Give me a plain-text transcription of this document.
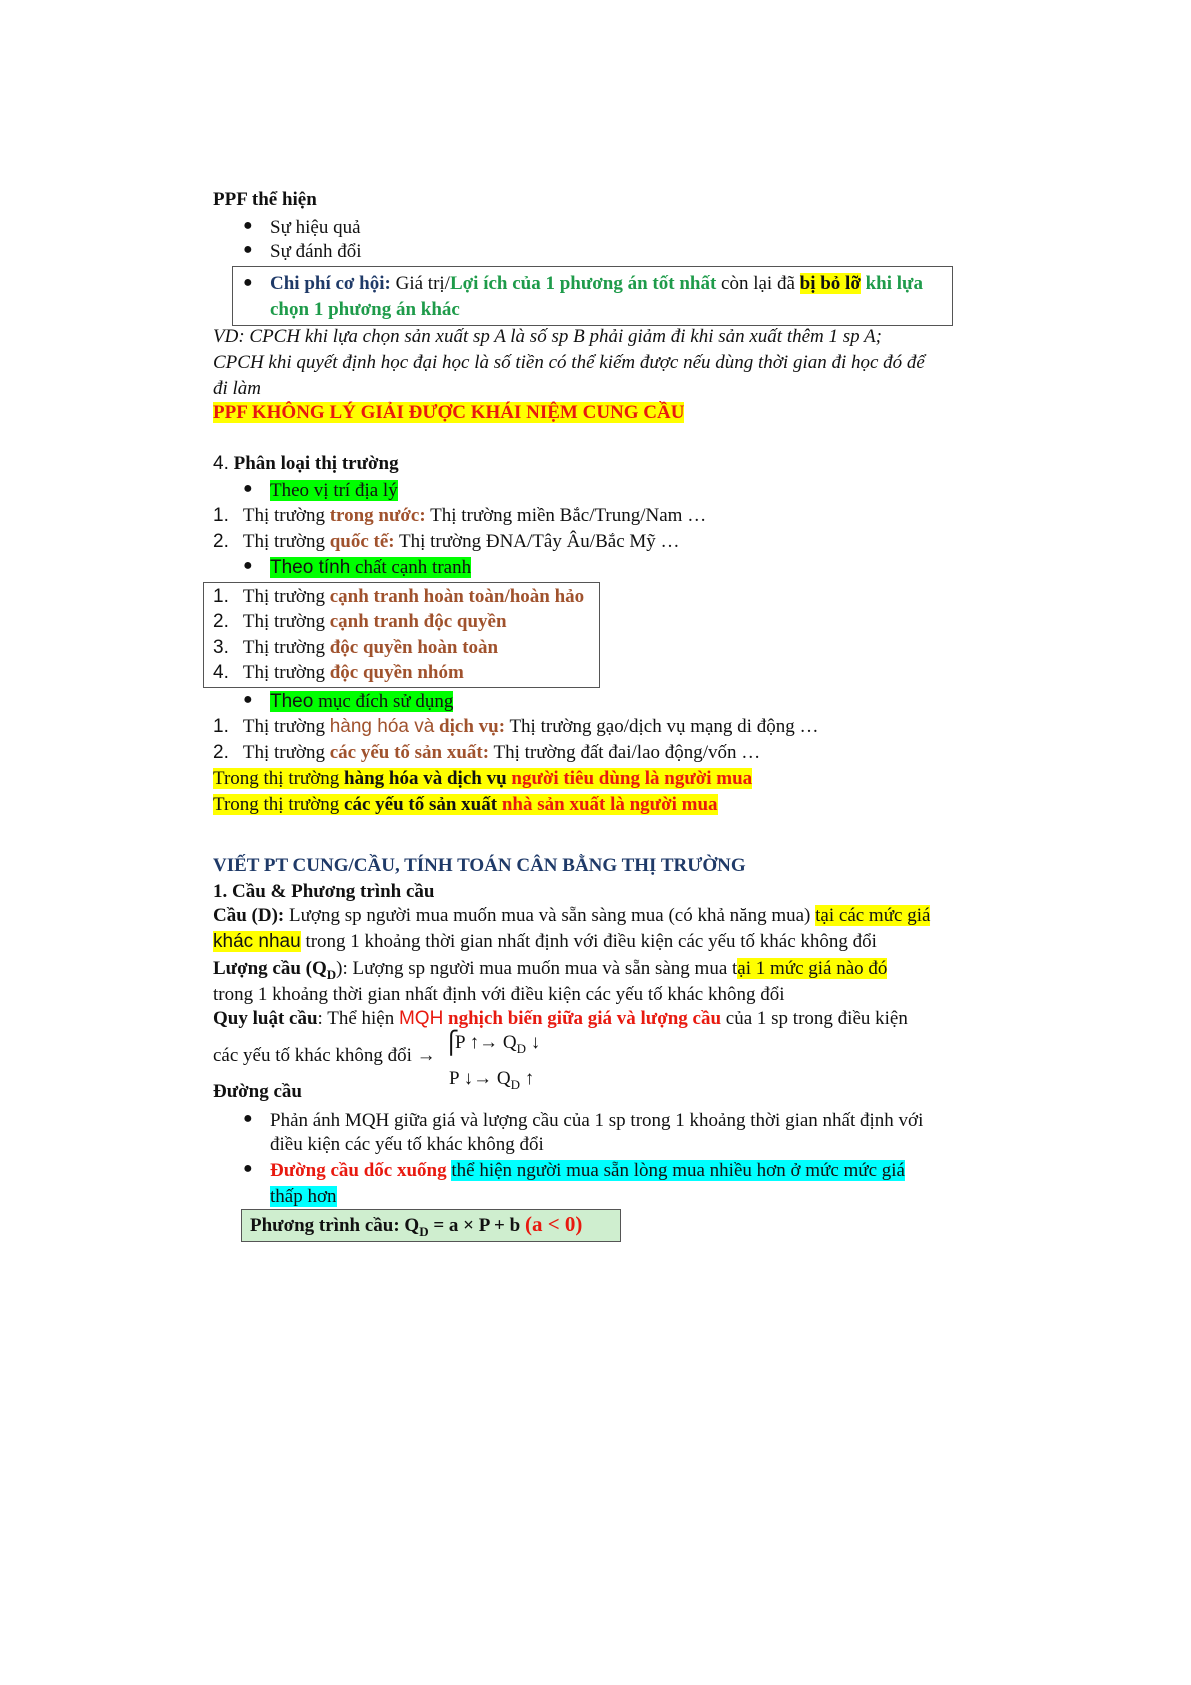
PPF thể hiện
● Sự hiệu quả
● Sự đánh đổi
● Chi phí cơ hội: Giá trị/Lợi ích của 1 phương án tốt nhất còn lại đã bị bỏ lỡ khi lựa
chọn 1 phương án khác
VD: CPCH khi lựa chọn sản xuất sp A là số sp B phải giảm đi khi sản xuất thêm 1 sp A;
CPCH khi quyết định học đại học là số tiền có thể kiếm được nếu dùng thời gian đi học đó để
đi làm
PPF KHÔNG LÝ GIẢI ĐƯỢC KHÁI NIỆM CUNG CẦU
4. Phân loại thị trường
● Theo vị trí địa lý
1. Thị trường trong nước: Thị trường miền Bắc/Trung/Nam …
2. Thị trường quốc tế: Thị trường ĐNA/Tây Âu/Bắc Mỹ …
● Theo tính chất cạnh tranh
1. Thị trường cạnh tranh hoàn toàn/hoàn hảo
2. Thị trường cạnh tranh độc quyền
3. Thị trường độc quyền hoàn toàn
4. Thị trường độc quyền nhóm
● Theo mục đích sử dụng
1. Thị trường hàng hóa và dịch vụ: Thị trường gạo/dịch vụ mạng di động …
2. Thị trường các yếu tố sản xuất: Thị trường đất đai/lao động/vốn …
Trong thị trường hàng hóa và dịch vụ người tiêu dùng là người mua
Trong thị trường các yếu tố sản xuất nhà sản xuất là người mua
VIẾT PT CUNG/CẦU, TÍNH TOÁN CÂN BẰNG THỊ TRƯỜNG
1. Cầu & Phương trình cầu
Cầu (D): Lượng sp người mua muốn mua và sẵn sàng mua (có khả năng mua) tại các mức giá
khác nhau trong 1 khoảng thời gian nhất định với điều kiện các yếu tố khác không đổi
Lượng cầu $(Q_D)$: Lượng sp người mua muốn mua và sẵn sàng mua tại 1 mức giá nào đó
trong 1 khoảng thời gian nhất định với điều kiện các yếu tố khác không đổi
Quy luật cầu: Thể hiện MQH nghịch biến giữa giá và lượng cầu của 1 sp trong điều kiện
các yếu tố khác không đổi →
⎧
P ↑→ $Q_D$ ↓
P ↓→ $Q_D$ ↑
Đường cầu
● Phản ánh MQH giữa giá và lượng cầu của 1 sp trong 1 khoảng thời gian nhất định với
điều kiện các yếu tố khác không đổi
● Đường cầu dốc xuống thể hiện người mua sẵn lòng mua nhiều hơn ở mức mức giá
thấp hơn
Phương trình cầu: $Q_D = a \times P + b$ (a < 0)
